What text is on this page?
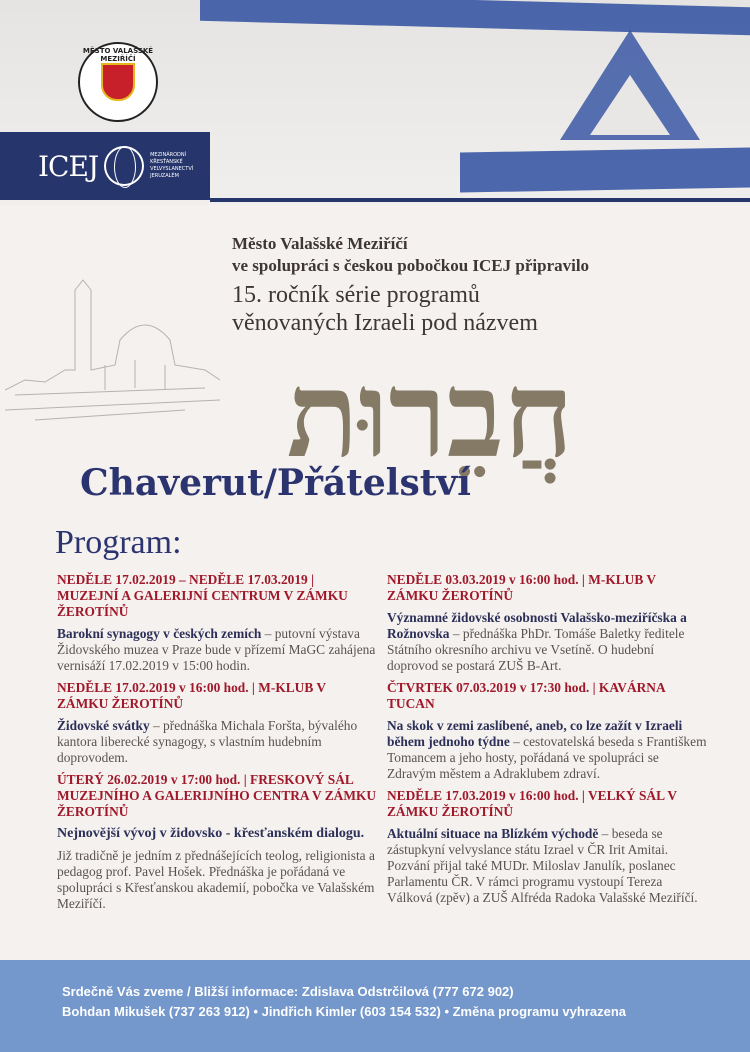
MĚSTO VALAŠSKÉ MEZIŘÍČÍ
ICEJ	MEZINÁRODNÍ KŘESŤANSKÉ VELVYSLANECTVÍ JERUZALÉM
Město Valašské Meziříčí
ve spolupráci s českou pobočkou ICEJ připravilo
15. ročník série programů
věnovaných Izraeli pod názvem
חֲבֵרוּת
Chaverut/Přátelství
Program:
NEDĚLE 17.02.2019 – NEDĚLE 17.03.2019 | MUZEJNÍ A GALERIJNÍ CENTRUM V ZÁMKU ŽEROTÍNŮ
Barokní synagogy v českých zemích – putovní výstava Židovského muzea v Praze bude v přízemí MaGC zahájena vernisáží 17.02.2019 v 15:00 hodin.
NEDĚLE 17.02.2019 v 16:00 hod. | M-KLUB V ZÁMKU ŽEROTÍNŮ
Židovské svátky – přednáška Michala Foršta, bývalého kantora liberecké synagogy, s vlastním hudebním doprovodem.
ÚTERÝ 26.02.2019 v 17:00 hod. | FRESKOVÝ SÁL MUZEJNÍHO A GALERIJNÍHO CENTRA V ZÁMKU ŽEROTÍNŮ
Nejnovější vývoj v židovsko - křesťanském dialogu.
Již tradičně je jedním z přednášejících teolog, religionista a pedagog prof. Pavel Hošek. Přednáška je pořádaná ve spolupráci s Křesťanskou akademií, pobočka ve Valašském Meziříčí.
NEDĚLE 03.03.2019 v 16:00 hod. | M-KLUB V ZÁMKU ŽEROTÍNŮ
Významné židovské osobnosti Valašsko-meziříčska a Rožnovska – přednáška PhDr. Tomáše Baletky ředitele Státního okresního archivu ve Vsetíně. O hudební doprovod se postará ZUŠ B-Art.
ČTVRTEK 07.03.2019 v 17:30 hod. | KAVÁRNA TUCAN
Na skok v zemi zaslíbené, aneb, co lze zažít v Izraeli během jednoho týdne – cestovatelská beseda s Františkem Tomancem a jeho hosty, pořádaná ve spolupráci se Zdravým městem a Adraklubem zdraví.
NEDĚLE 17.03.2019 v 16:00 hod. | VELKÝ SÁL V ZÁMKU ŽEROTÍNŮ
Aktuální situace na Blízkém východě – beseda se zástupkyní velvyslance státu Izrael v ČR Irit Amitai. Pozvání přijal také MUDr. Miloslav Janulík, poslanec Parlamentu ČR. V rámci programu vystoupí Tereza Válková (zpěv) a ZUŠ Alfréda Radoka Valašské Meziříčí.
Srdečně Vás zveme / Bližší informace: Zdislava Odstrčilová (777 672 902)
Bohdan Mikušek (737 263 912) • Jindřich Kimler (603 154 532) • Změna programu vyhrazena
